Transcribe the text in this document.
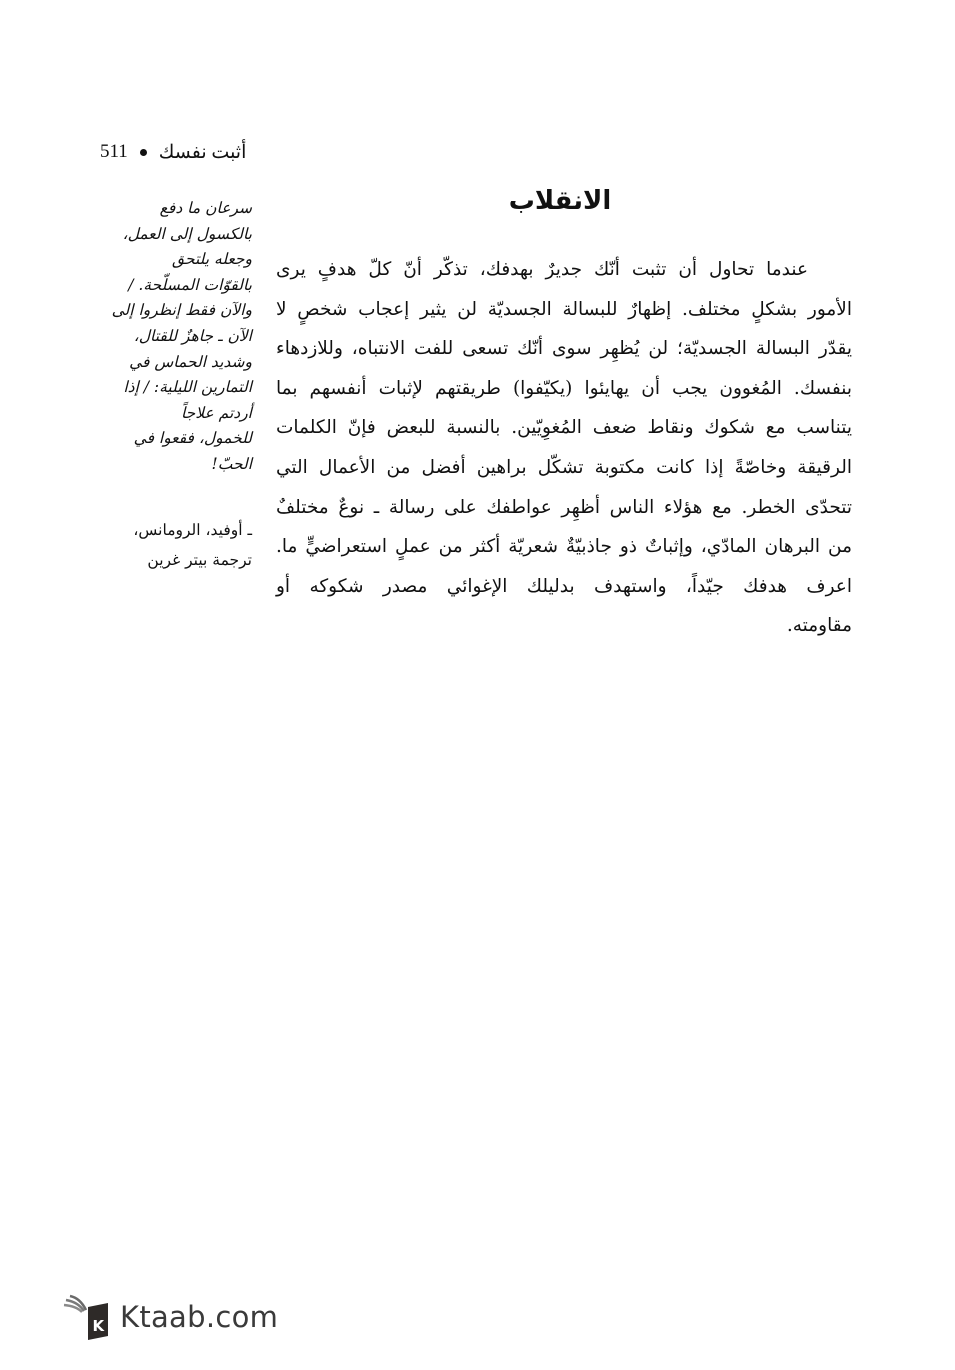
511 أثبت نفسك
الانقلاب
سرعان ما دفع
بالكسول إلى العمل،
وجعله يلتحق
بالقوّات المسلّحة. /
والآن فقط إنظروا إلى
الآن ـ جاهزٌ للقتال،
وشديد الحماس في
التمارين الليلية: / إذا
أردتم علاجاً
للخمول، فقعوا في
الحبّ!
ـ أوفيد، الرومانس،
ترجمة بيتر غرين
عندما تحاول أن تثبت أنّك جديرٌ بهدفك، تذكّر أنّ كلّ هدفٍ يرى
الأمور بشكلٍ مختلف. إظهارٌ للبسالة الجسديّة لن يثير إعجاب شخصٍ لا
يقدّر البسالة الجسديّة؛ لن يُظهِر سوى أنّك تسعى للفت الانتباه، وللازدهاء
بنفسك. المُغوون يجب أن يهايئوا (يكيّفوا) طريقتهم لإثبات أنفسهم بما
يتناسب مع شكوك ونقاط ضعف المُغوِيّين. بالنسبة للبعض فإنّ الكلمات
الرقيقة وخاصّةً إذا كانت مكتوبة تشكّل براهين أفضل من الأعمال التي
تتحدّى الخطر. مع هؤلاء الناس أظهِر عواطفك على رسالة ـ نوعٌ مختلفٌ
من البرهان المادّي، وإثباتٌ ذو جاذبيّةٌ شعريّة أكثر من عملٍ استعراضيٍّ ما.
اعرف هدفك جيّداً، واستهدف بدليلك الإغوائي مصدر شكوكه أو
مقاومته.
K Ktaab.com
